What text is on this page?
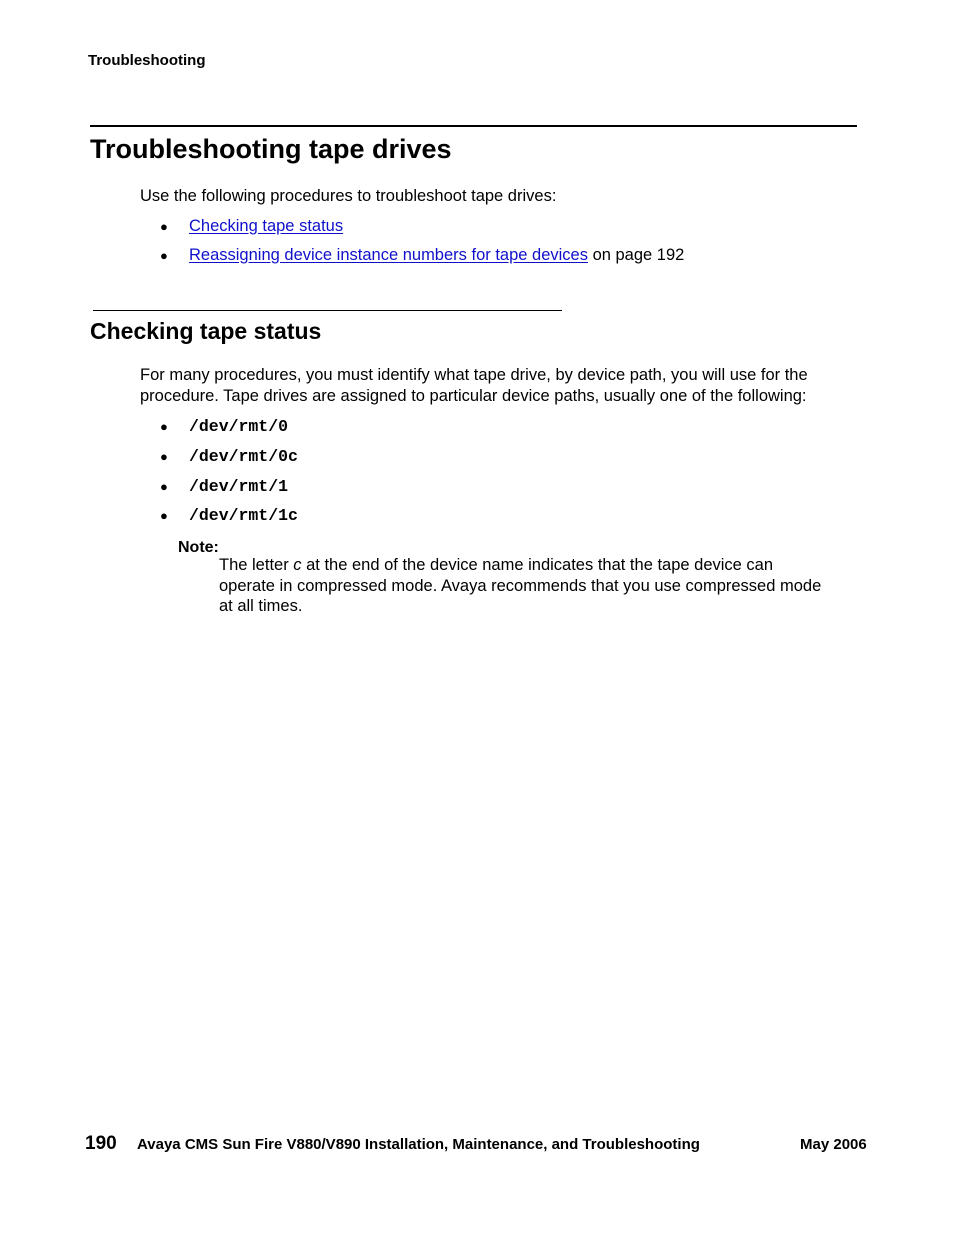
Troubleshooting
Troubleshooting tape drives
Use the following procedures to troubleshoot tape drives:
●	Checking tape status
●	Reassigning device instance numbers for tape devices on page 192
Checking tape status
For many procedures, you must identify what tape drive, by device path, you will use for the
procedure. Tape drives are assigned to particular device paths, usually one of the following:
●	/dev/rmt/0
●	/dev/rmt/0c
●	/dev/rmt/1
●	/dev/rmt/1c
Note:
The letter c at the end of the device name indicates that the tape device can operate in compressed mode. Avaya recommends that you use compressed mode at all times.
190 Avaya CMS Sun Fire V880/V890 Installation, Maintenance, and Troubleshooting	May 2006
